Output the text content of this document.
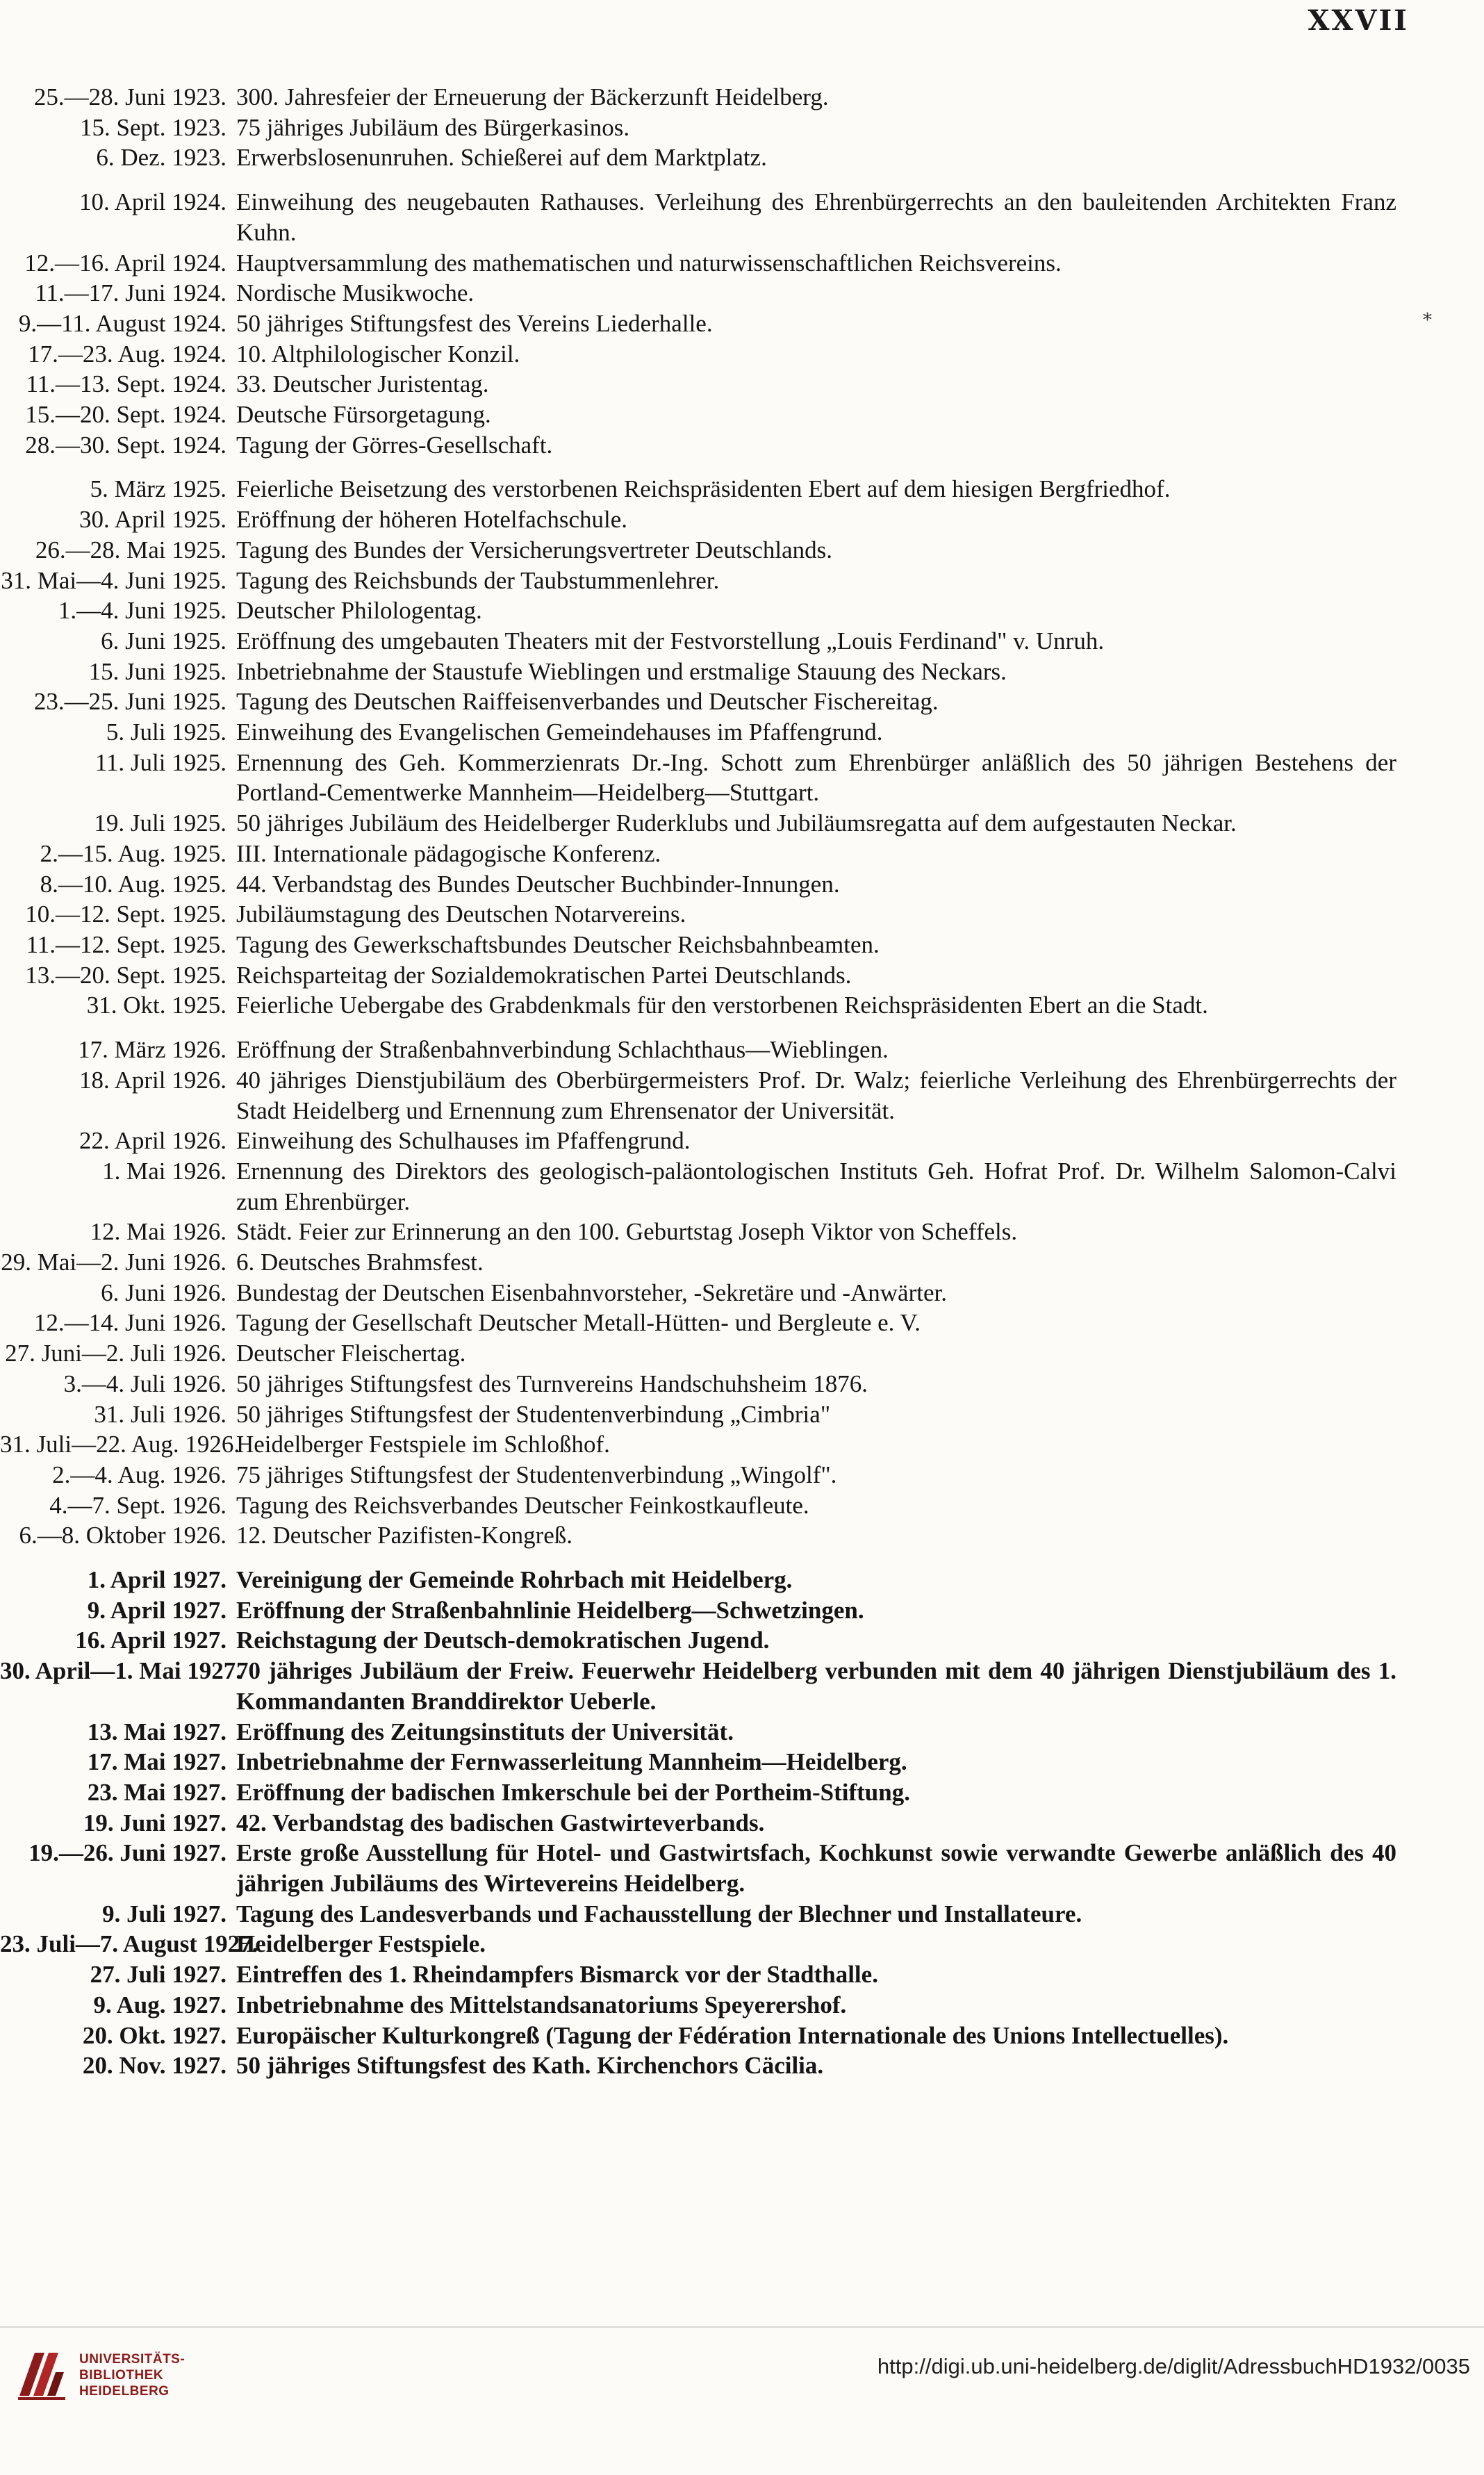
XXVII
*
25.—28. Juni 1923. 300. Jahresfeier der Erneuerung der Bäckerzunft Heidelberg.
15. Sept. 1923. 75 jähriges Jubiläum des Bürgerkasinos.
6. Dez. 1923. Erwerbslosenunruhen. Schießerei auf dem Marktplatz.
10. April 1924. Einweihung des neugebauten Rathauses. Verleihung des Ehrenbürgerrechts an den bauleitenden Architekten Franz Kuhn.
12.—16. April 1924. Hauptversammlung des mathematischen und naturwissenschaftlichen Reichsvereins.
11.—17. Juni 1924. Nordische Musikwoche.
9.—11. August 1924. 50 jähriges Stiftungsfest des Vereins Liederhalle.
17.—23. Aug. 1924. 10. Altphilologischer Konzil.
11.—13. Sept. 1924. 33. Deutscher Juristentag.
15.—20. Sept. 1924. Deutsche Fürsorgetagung.
28.—30. Sept. 1924. Tagung der Görres-Gesellschaft.
5. März 1925. Feierliche Beisetzung des verstorbenen Reichspräsidenten Ebert auf dem hiesigen Bergfriedhof.
30. April 1925. Eröffnung der höheren Hotelfachschule.
26.—28. Mai 1925. Tagung des Bundes der Versicherungsvertreter Deutschlands.
31. Mai—4. Juni 1925. Tagung des Reichsbunds der Taubstummenlehrer.
1.—4. Juni 1925. Deutscher Philologentag.
6. Juni 1925. Eröffnung des umgebauten Theaters mit der Festvorstellung „Louis Ferdinand" v. Unruh.
15. Juni 1925. Inbetriebnahme der Staustufe Wieblingen und erstmalige Stauung des Neckars.
23.—25. Juni 1925. Tagung des Deutschen Raiffeisenverbandes und Deutscher Fischereitag.
5. Juli 1925. Einweihung des Evangelischen Gemeindehauses im Pfaffengrund.
11. Juli 1925. Ernennung des Geh. Kommerzienrats Dr.-Ing. Schott zum Ehrenbürger anläßlich des 50 jährigen Bestehens der Portland-Cementwerke Mannheim—Heidelberg—Stuttgart.
19. Juli 1925. 50 jähriges Jubiläum des Heidelberger Ruderklubs und Jubiläumsregatta auf dem aufgestauten Neckar.
2.—15. Aug. 1925. III. Internationale pädagogische Konferenz.
8.—10. Aug. 1925. 44. Verbandstag des Bundes Deutscher Buchbinder-Innungen.
10.—12. Sept. 1925. Jubiläumstagung des Deutschen Notarvereins.
11.—12. Sept. 1925. Tagung des Gewerkschaftsbundes Deutscher Reichsbahnbeamten.
13.—20. Sept. 1925. Reichsparteitag der Sozialdemokratischen Partei Deutschlands.
31. Okt. 1925. Feierliche Uebergabe des Grabdenkmals für den verstorbenen Reichspräsidenten Ebert an die Stadt.
17. März 1926. Eröffnung der Straßenbahnverbindung Schlachthaus—Wieblingen.
18. April 1926. 40 jähriges Dienstjubiläum des Oberbürgermeisters Prof. Dr. Walz; feierliche Verleihung des Ehrenbürgerrechts der Stadt Heidelberg und Ernennung zum Ehrensenator der Universität.
22. April 1926. Einweihung des Schulhauses im Pfaffengrund.
1. Mai 1926. Ernennung des Direktors des geologisch-paläontologischen Instituts Geh. Hofrat Prof. Dr. Wilhelm Salomon-Calvi zum Ehrenbürger.
12. Mai 1926. Städt. Feier zur Erinnerung an den 100. Geburtstag Joseph Viktor von Scheffels.
29. Mai—2. Juni 1926. 6. Deutsches Brahmsfest.
6. Juni 1926. Bundestag der Deutschen Eisenbahnvorsteher, -Sekretäre und -Anwärter.
12.—14. Juni 1926. Tagung der Gesellschaft Deutscher Metall-Hütten- und Bergleute e. V.
27. Juni—2. Juli 1926. Deutscher Fleischertag.
3.—4. Juli 1926. 50 jähriges Stiftungsfest des Turnvereins Handschuhsheim 1876.
31. Juli 1926. 50 jähriges Stiftungsfest der Studentenverbindung „Cimbria"
31. Juli—22. Aug. 1926.
Heidelberger Festspiele im Schloßhof.
2.—4. Aug. 1926. 75 jähriges Stiftungsfest der Studentenverbindung „Wingolf".
4.—7. Sept. 1926. Tagung des Reichsverbandes Deutscher Feinkostkaufleute.
6.—8. Oktober 1926. 12. Deutscher Pazifisten-Kongreß.
1. April 1927. Vereinigung der Gemeinde Rohrbach mit Heidelberg.
9. April 1927. Eröffnung der Straßenbahnlinie Heidelberg—Schwetzingen.
16. April 1927. Reichstagung der Deutsch-demokratischen Jugend.
30. April—1. Mai 1927.
70 jähriges Jubiläum der Freiw. Feuerwehr Heidelberg verbunden mit dem 40 jährigen Dienstjubiläum des 1. Kommandanten Branddirektor Ueberle.
13. Mai 1927. Eröffnung des Zeitungsinstituts der Universität.
17. Mai 1927. Inbetriebnahme der Fernwasserleitung Mannheim—Heidelberg.
23. Mai 1927. Eröffnung der badischen Imkerschule bei der Portheim-Stiftung.
19. Juni 1927. 42. Verbandstag des badischen Gastwirteverbands.
19.—26. Juni 1927. Erste große Ausstellung für Hotel- und Gastwirtsfach, Kochkunst sowie verwandte Gewerbe anläßlich des 40 jährigen Jubiläums des Wirtevereins Heidelberg.
9. Juli 1927. Tagung des Landesverbands und Fachausstellung der Blechner und Installateure.
23. Juli—7. August 1927.
Heidelberger Festspiele.
27. Juli 1927. Eintreffen des 1. Rheindampfers Bismarck vor der Stadthalle.
9. Aug. 1927. Inbetriebnahme des Mittelstandsanatoriums Speyerershof.
20. Okt. 1927. Europäischer Kulturkongreß (Tagung der Fédération Internationale des Unions Intellectuelles).
20. Nov. 1927. 50 jähriges Stiftungsfest des Kath. Kirchenchors Cäcilia.
UNIVERSITÄTS-
BIBLIOTHEK
HEIDELBERG
http://digi.ub.uni-heidelberg.de/diglit/AdressbuchHD1932/0035
